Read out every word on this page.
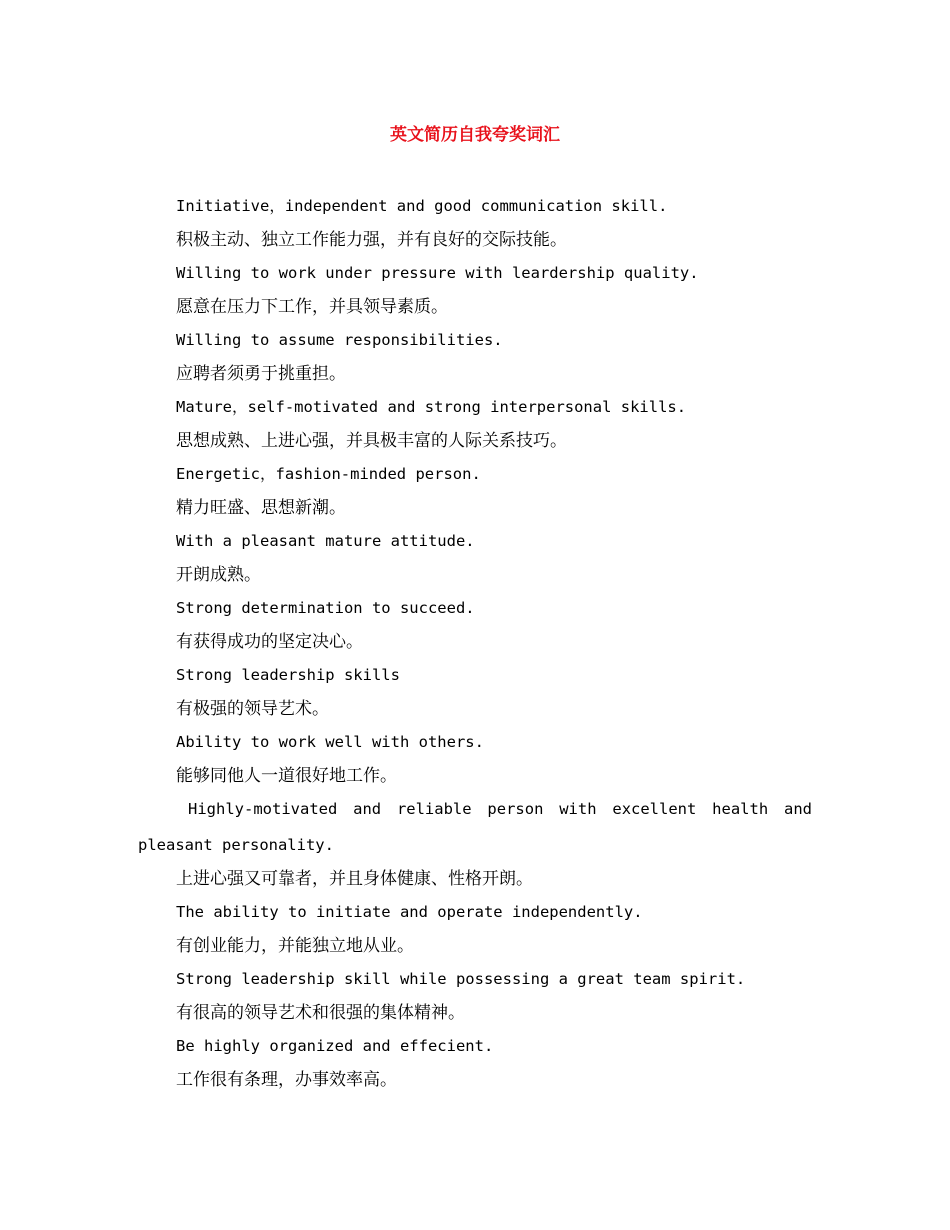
英文简历自我夸奖词汇

Initiative，independent and good communication skill.

积极主动、独立工作能力强，并有良好的交际技能。

Willing to work under pressure with leardership quality.

愿意在压力下工作，并具领导素质。

Willing to assume responsibilities.

应聘者须勇于挑重担。

Mature，self-motivated and strong interpersonal skills.

思想成熟、上进心强，并具极丰富的人际关系技巧。

Energetic，fashion-minded person.

精力旺盛、思想新潮。

With a pleasant mature attitude.

开朗成熟。

Strong determination to succeed.

有获得成功的坚定决心。

Strong leadership skills

有极强的领导艺术。

Ability to work well with others.

能够同他人一道很好地工作。

Highly-motivated and reliable person with excellent health and
pleasant personality.

上进心强又可靠者，并且身体健康、性格开朗。

The ability to initiate and operate independently.

有创业能力，并能独立地从业。

Strong leadership skill while possessing a great team spirit.

有很高的领导艺术和很强的集体精神。

Be highly organized and effecient.

工作很有条理，办事效率高。
